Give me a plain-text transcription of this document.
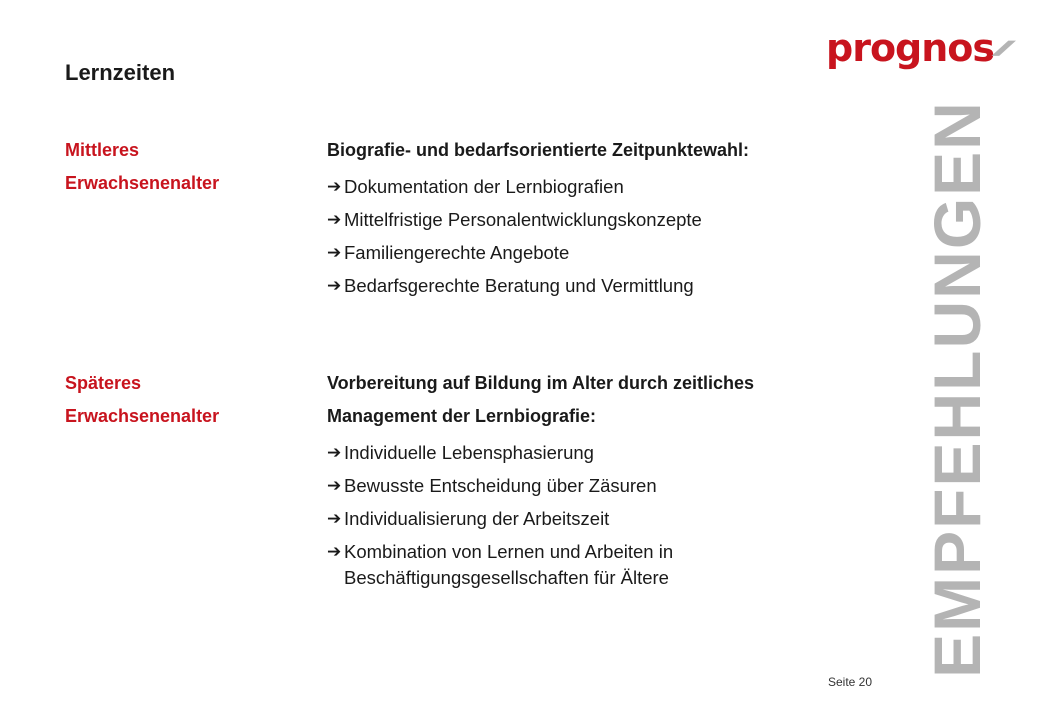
prognos
Lernzeiten
Mittleres
Erwachsenenalter
Biografie- und bedarfsorientierte Zeitpunktewahl:
➔ Dokumentation der Lernbiografien
➔ Mittelfristige Personalentwicklungskonzepte
➔ Familiengerechte Angebote
➔ Bedarfsgerechte Beratung und Vermittlung
Späteres
Erwachsenenalter
Vorbereitung auf Bildung im Alter durch zeitliches
Management der Lernbiografie:
➔ Individuelle Lebensphasierung
➔ Bewusste Entscheidung über Zäsuren
➔ Individualisierung der Arbeitszeit
➔ Kombination von Lernen und Arbeiten in
Beschäftigungsgesellschaften für Ältere	EMPFEHLUNGEN
Seite 20
